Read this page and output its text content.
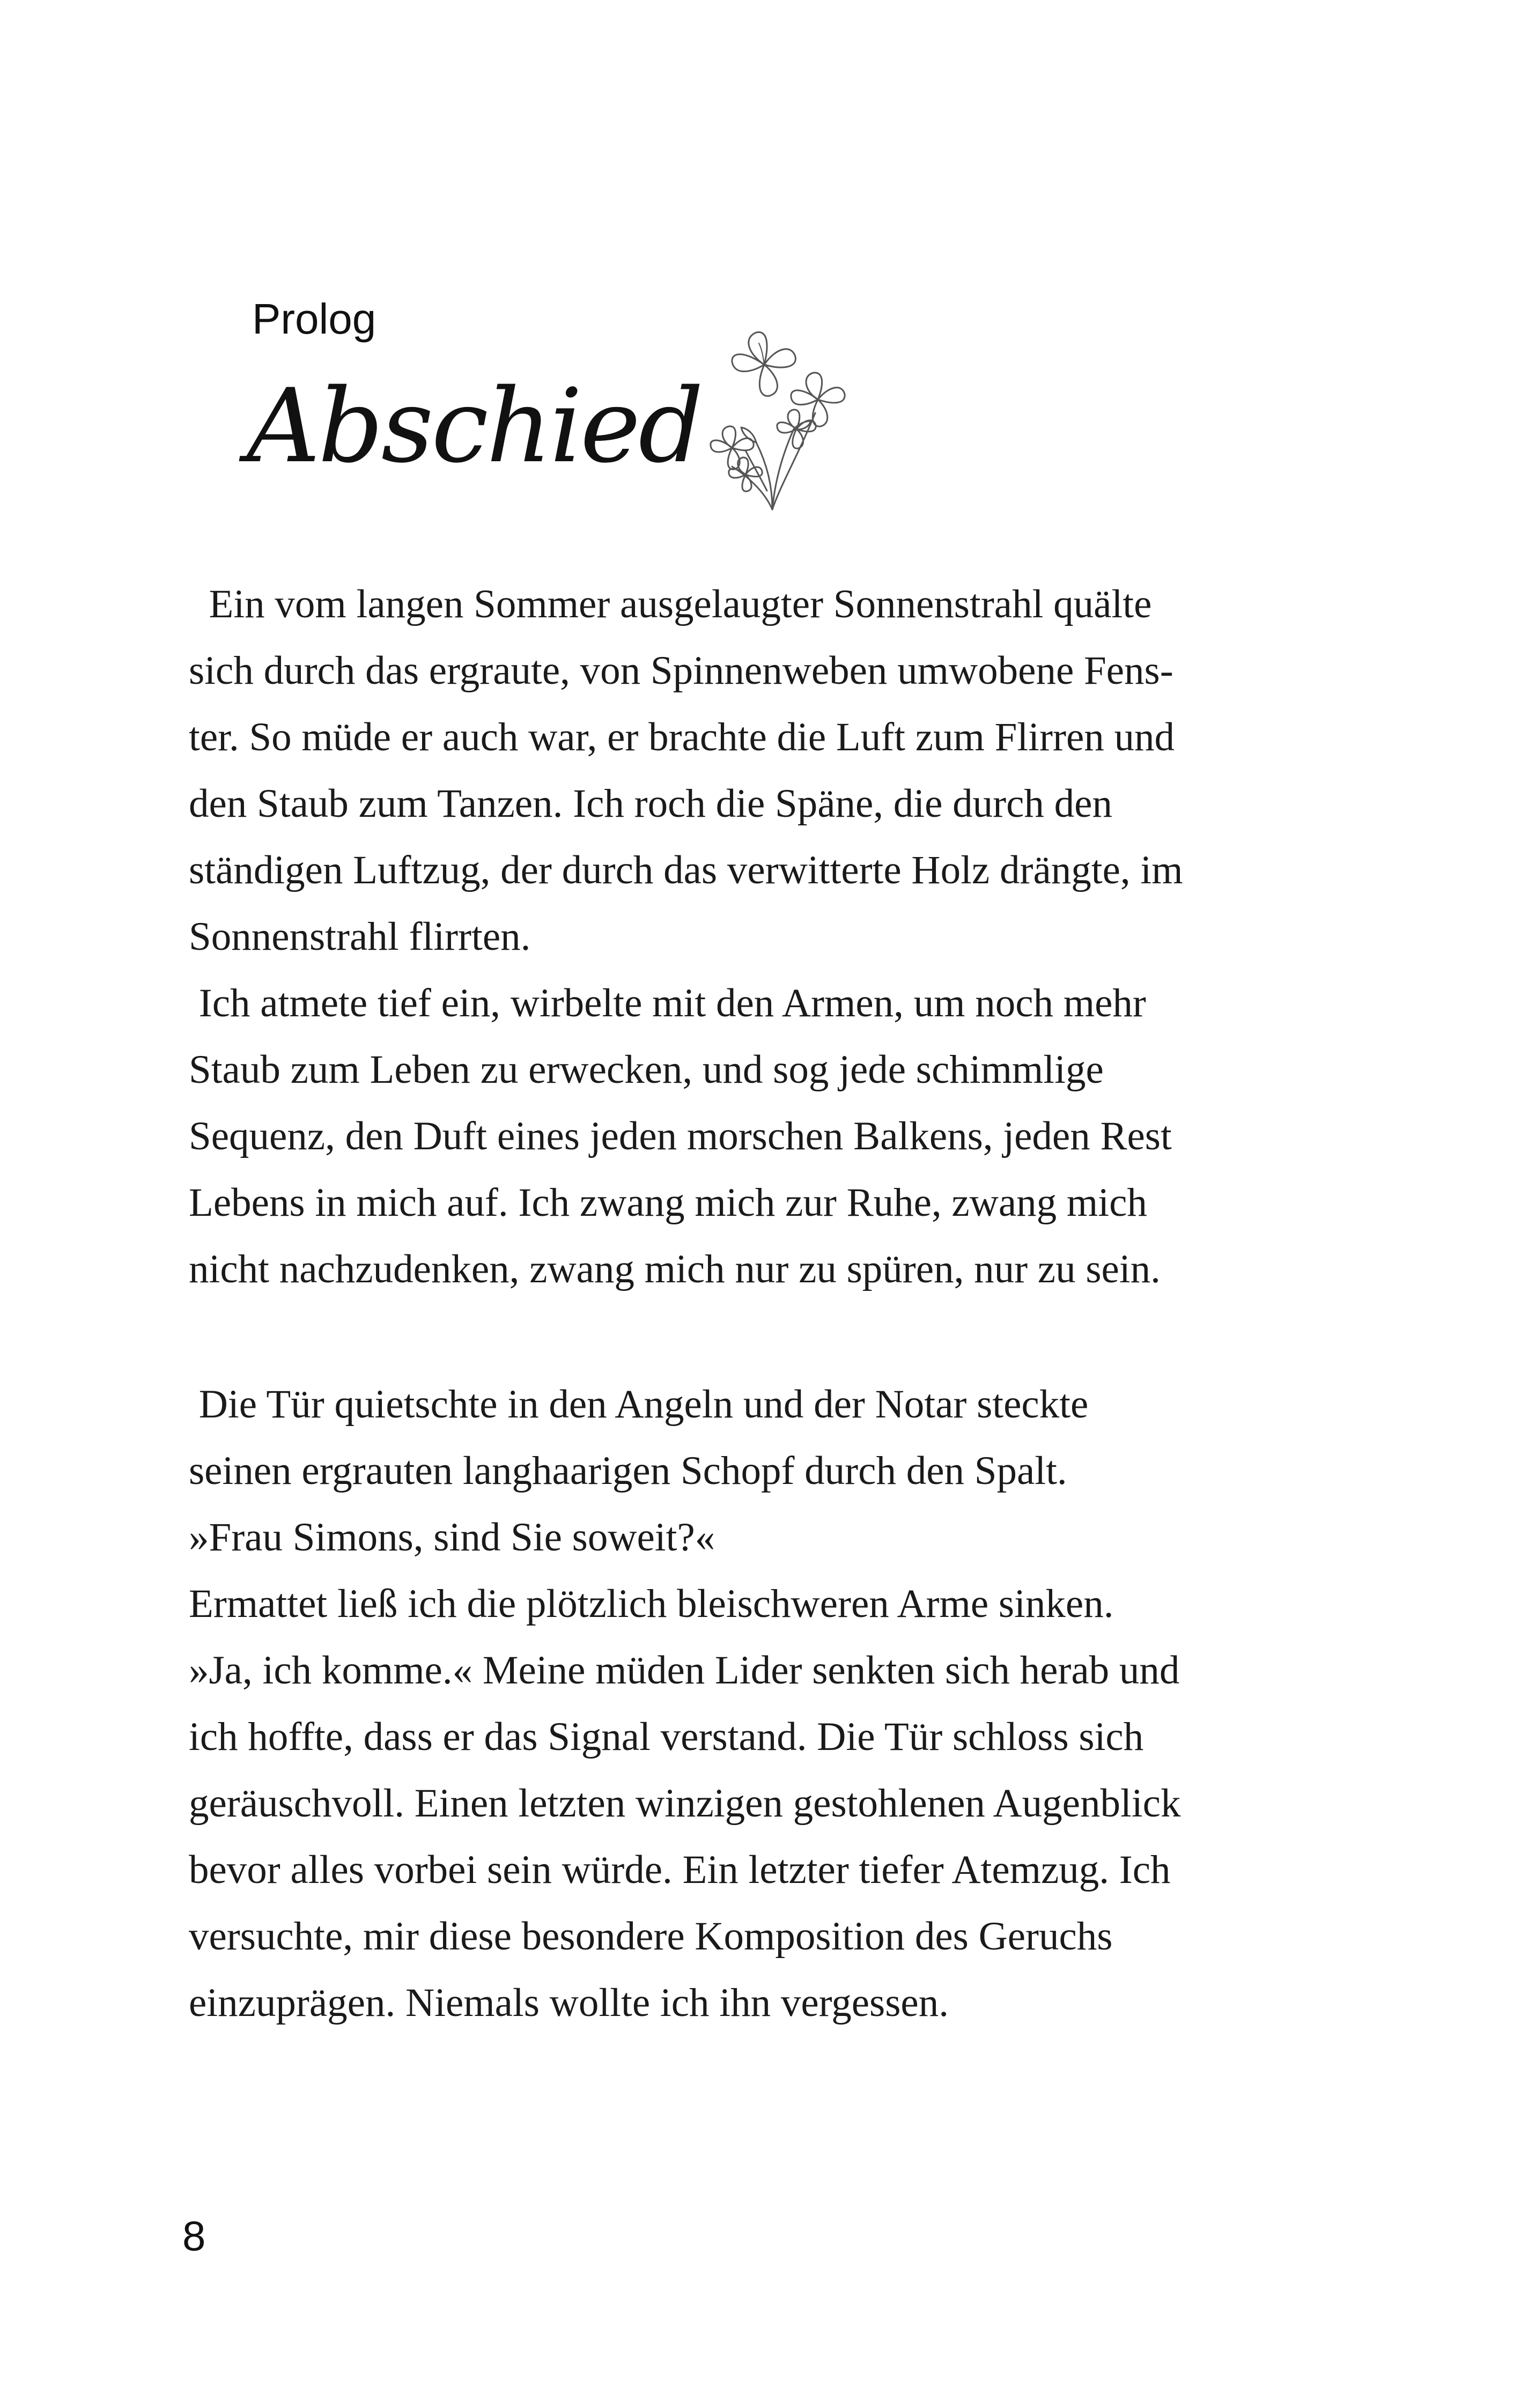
Prolog
Abschied
Ein vom langen Sommer ausgelaugter Sonnenstrahl quälte
sich durch das ergraute, von Spinnenweben umwobene Fens-
ter. So müde er auch war, er brachte die Luft zum Flirren und
den Staub zum Tanzen. Ich roch die Späne, die durch den
ständigen Luftzug, der durch das verwitterte Holz drängte, im
Sonnenstrahl flirrten.
Ich atmete tief ein, wirbelte mit den Armen, um noch mehr
Staub zum Leben zu erwecken, und sog jede schimmlige
Sequenz, den Duft eines jeden morschen Balkens, jeden Rest
Lebens in mich auf. Ich zwang mich zur Ruhe, zwang mich
nicht nachzudenken, zwang mich nur zu spüren, nur zu sein.
Die Tür quietschte in den Angeln und der Notar steckte
seinen ergrauten langhaarigen Schopf durch den Spalt.
»Frau Simons, sind Sie soweit?«
Ermattet ließ ich die plötzlich bleischweren Arme sinken.
»Ja, ich komme.« Meine müden Lider senkten sich herab und
ich hoffte, dass er das Signal verstand. Die Tür schloss sich
geräuschvoll. Einen letzten winzigen gestohlenen Augenblick
bevor alles vorbei sein würde. Ein letzter tiefer Atemzug. Ich
versuchte, mir diese besondere Komposition des Geruchs
einzuprägen. Niemals wollte ich ihn vergessen.
8
